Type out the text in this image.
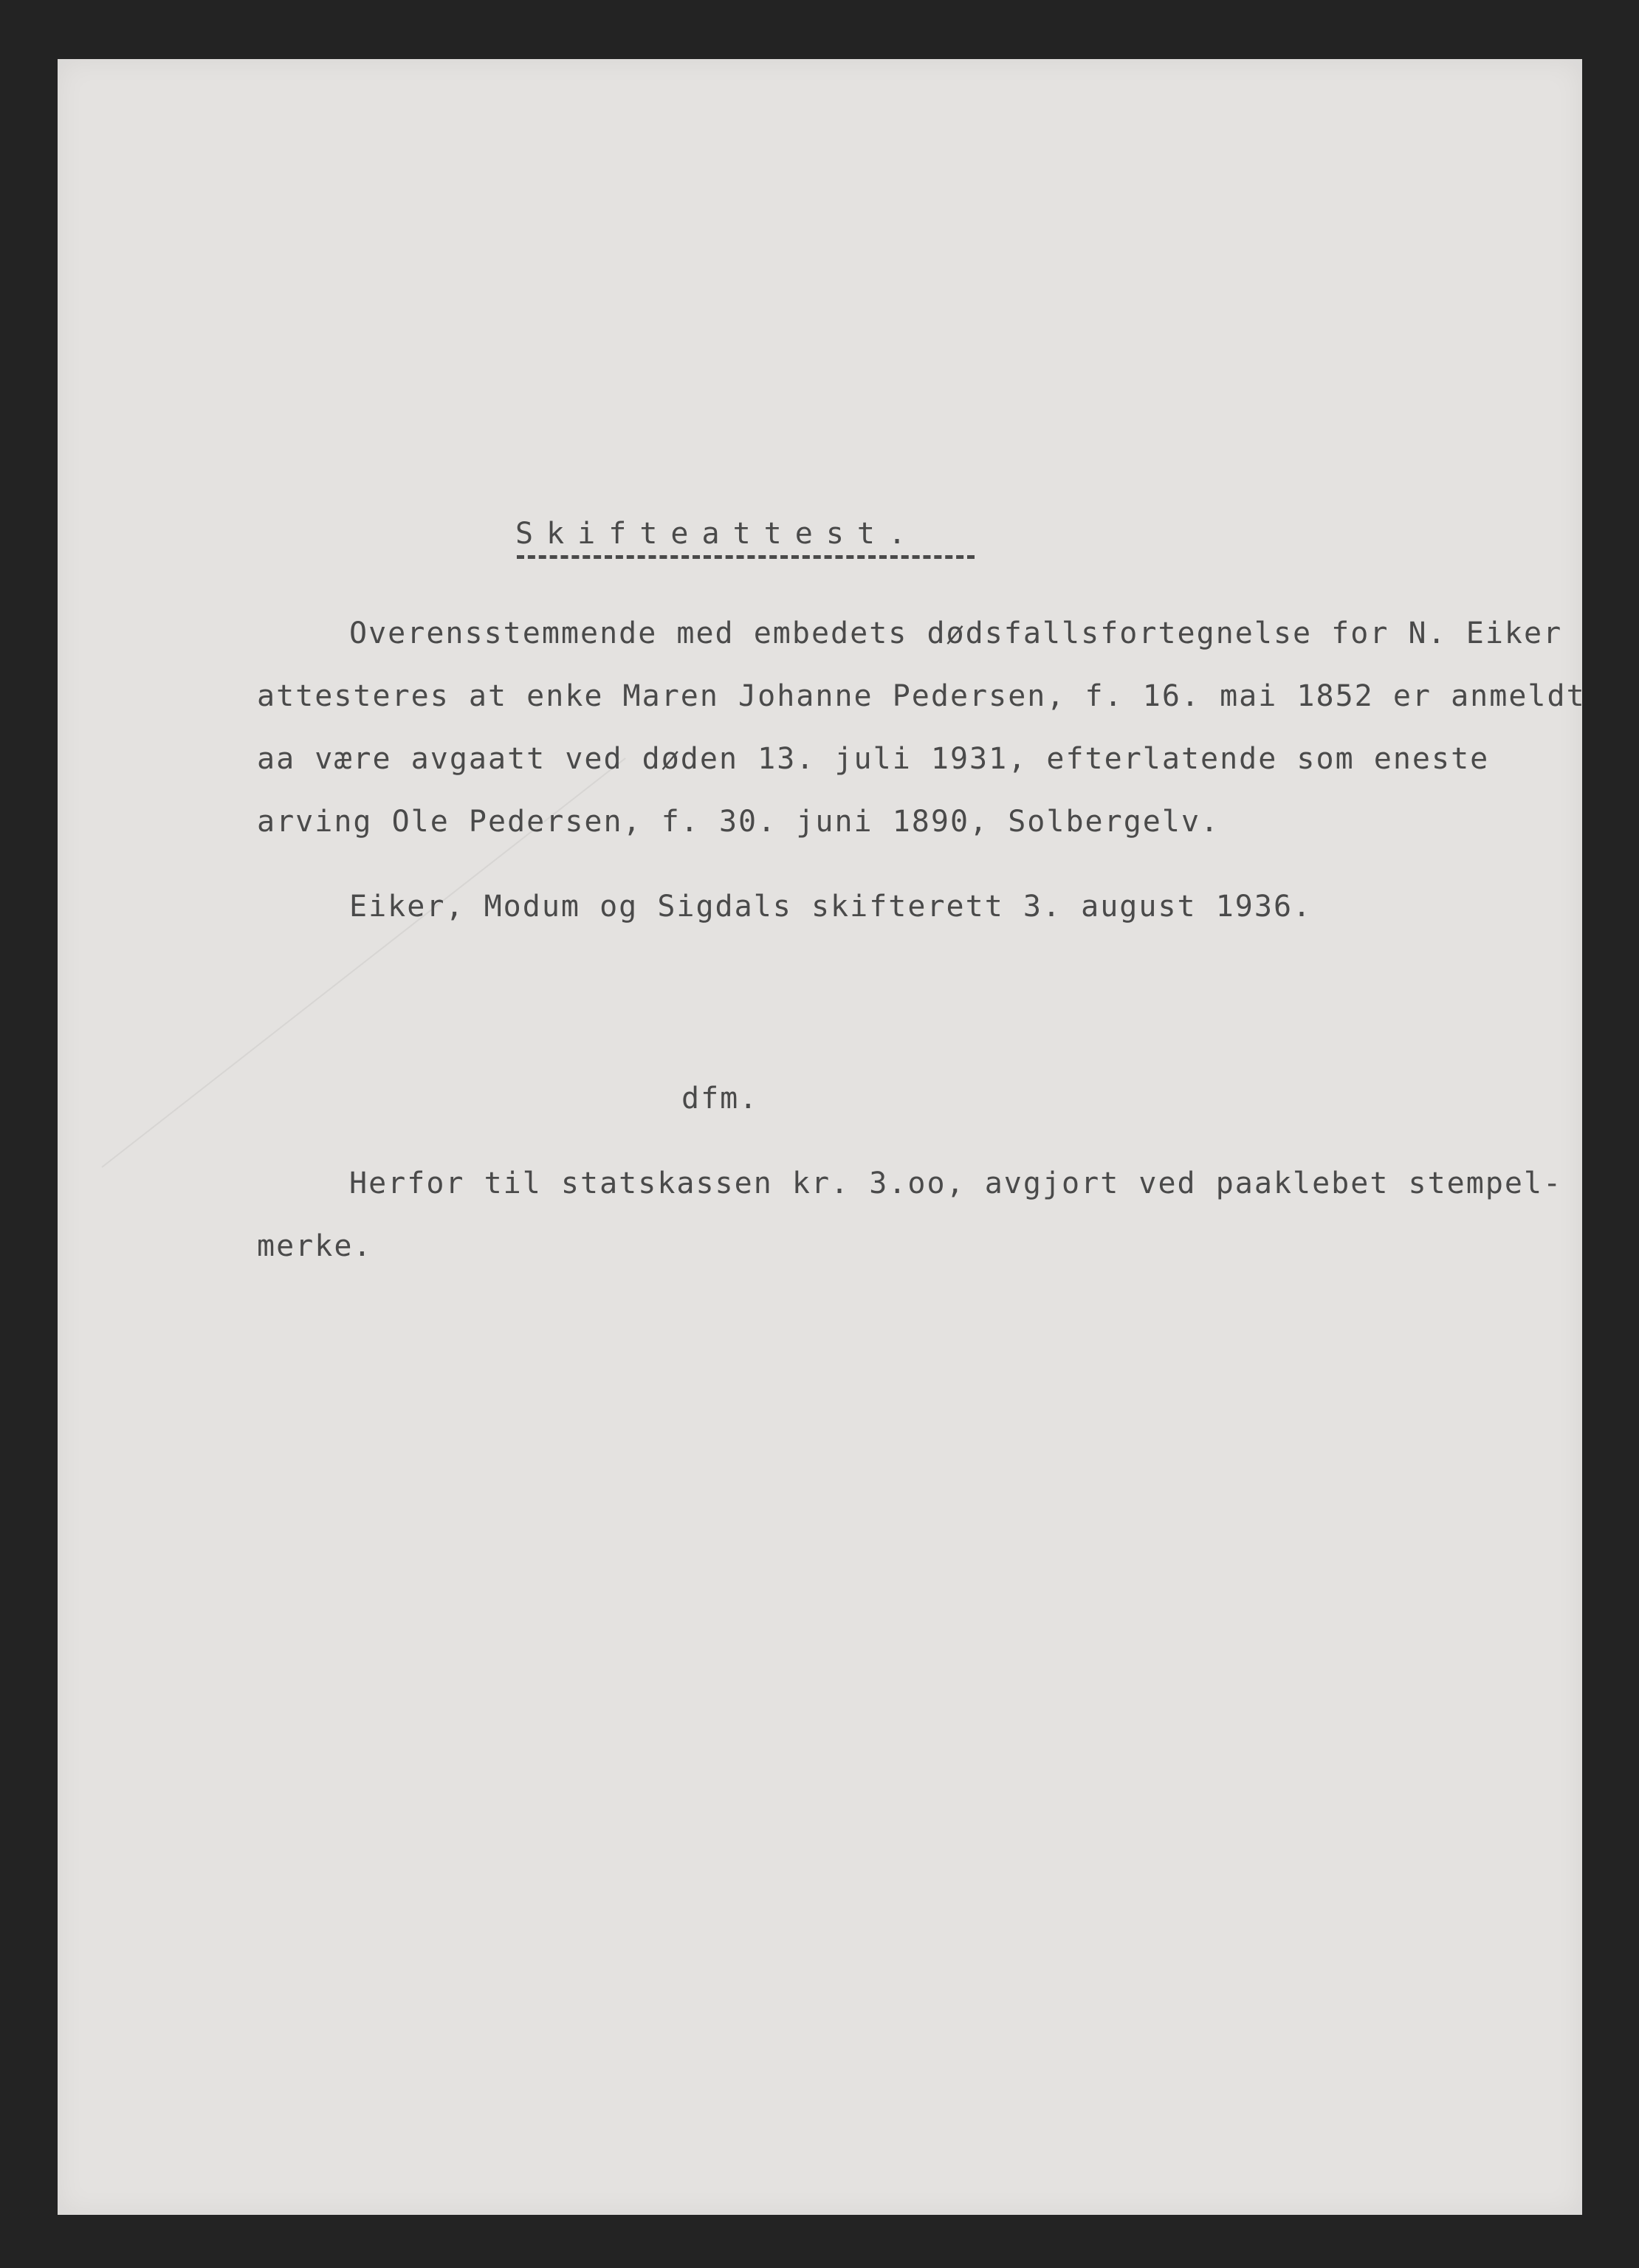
Skifteattest.
Overensstemmende med embedets dødsfallsfortegnelse for N. Eiker
attesteres at enke Maren Johanne Pedersen, f. 16. mai 1852 er anmeldt
aa være avgaatt ved døden 13. juli 1931, efterlatende som eneste
arving Ole Pedersen, f. 30. juni 1890, Solbergelv.
Eiker, Modum og Sigdals skifterett 3. august 1936.
dfm.
Herfor til statskassen kr. 3.oo, avgjort ved paaklebet stempel-
merke.
